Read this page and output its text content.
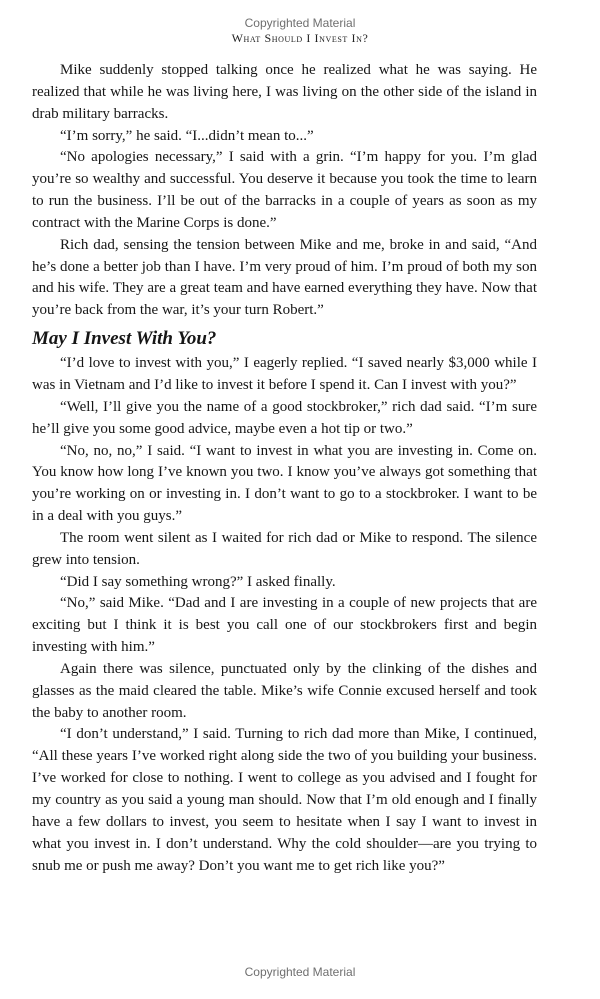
Copyrighted Material
What Should I Invest In?

Mike suddenly stopped talking once he realized what he was saying. He realized that while he was living here, I was living on the other side of the island in drab military barracks.

“I’m sorry,” he said. “I...didn’t mean to...”

“No apologies necessary,” I said with a grin. “I’m happy for you. I’m glad you’re so wealthy and successful. You deserve it because you took the time to learn to run the business. I’ll be out of the barracks in a couple of years as soon as my contract with the Marine Corps is done.”

Rich dad, sensing the tension between Mike and me, broke in and said, “And he’s done a better job than I have. I’m very proud of him. I’m proud of both my son and his wife. They are a great team and have earned everything they have. Now that you’re back from the war, it’s your turn Robert.”

May I Invest With You?

“I’d love to invest with you,” I eagerly replied. “I saved nearly $3,000 while I was in Vietnam and I’d like to invest it before I spend it. Can I invest with you?”

“Well, I’ll give you the name of a good stockbroker,” rich dad said. “I’m sure he’ll give you some good advice, maybe even a hot tip or two.”

“No, no, no,” I said. “I want to invest in what you are investing in. Come on. You know how long I’ve known you two. I know you’ve always got something that you’re working on or investing in. I don’t want to go to a stockbroker. I want to be in a deal with you guys.”

The room went silent as I waited for rich dad or Mike to respond. The silence grew into tension.

“Did I say something wrong?” I asked finally.

“No,” said Mike. “Dad and I are investing in a couple of new projects that are exciting but I think it is best you call one of our stockbrokers first and begin investing with him.”

Again there was silence, punctuated only by the clinking of the dishes and glasses as the maid cleared the table. Mike’s wife Connie excused herself and took the baby to another room.

“I don’t understand,” I said. Turning to rich dad more than Mike, I continued, “All these years I’ve worked right along side the two of you building your business. I’ve worked for close to nothing. I went to college as you advised and I fought for my country as you said a young man should. Now that I’m old enough and I finally have a few dollars to invest, you seem to hesitate when I say I want to invest in what you invest in. I don’t understand. Why the cold shoulder—are you trying to snub me or push me away? Don’t you want me to get rich like you?”

Copyrighted Material
